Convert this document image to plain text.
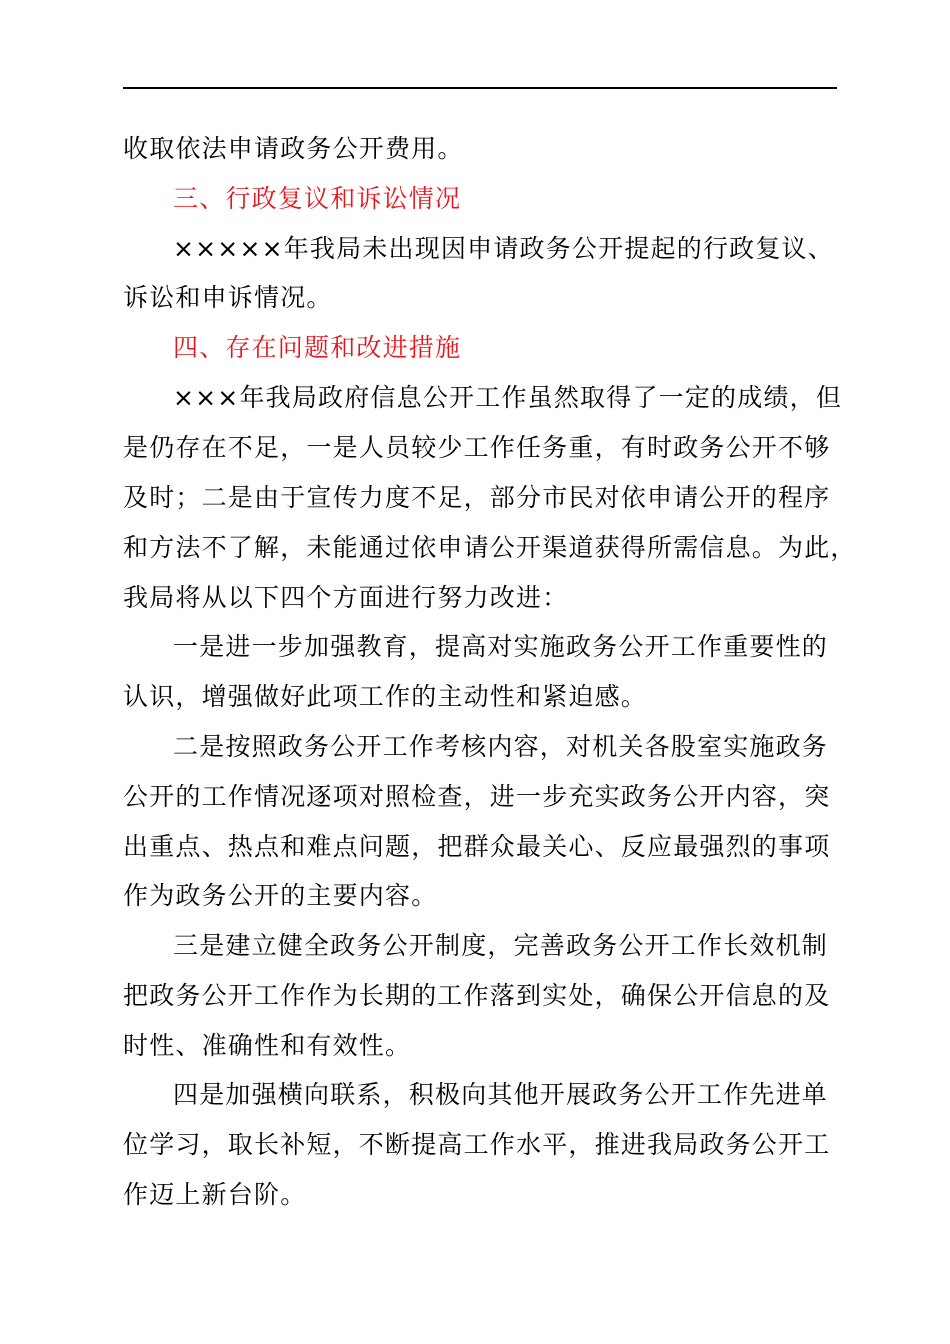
收取依法申请政务公开费用。
三、行政复议和诉讼情况
×××××年我局未出现因申请政务公开提起的行政复议、
诉讼和申诉情况。
四、存在问题和改进措施
×××年我局政府信息公开工作虽然取得了一定的成绩，但
是仍存在不足，一是人员较少工作任务重，有时政务公开不够
及时；二是由于宣传力度不足，部分市民对依申请公开的程序
和方法不了解，未能通过依申请公开渠道获得所需信息。为此，
我局将从以下四个方面进行努力改进：
一是进一步加强教育，提高对实施政务公开工作重要性的
认识，增强做好此项工作的主动性和紧迫感。
二是按照政务公开工作考核内容，对机关各股室实施政务
公开的工作情况逐项对照检查，进一步充实政务公开内容，突
出重点、热点和难点问题，把群众最关心、反应最强烈的事项
作为政务公开的主要内容。
三是建立健全政务公开制度，完善政务公开工作长效机制
把政务公开工作作为长期的工作落到实处，确保公开信息的及
时性、准确性和有效性。
四是加强横向联系，积极向其他开展政务公开工作先进单
位学习，取长补短，不断提高工作水平，推进我局政务公开工
作迈上新台阶。
